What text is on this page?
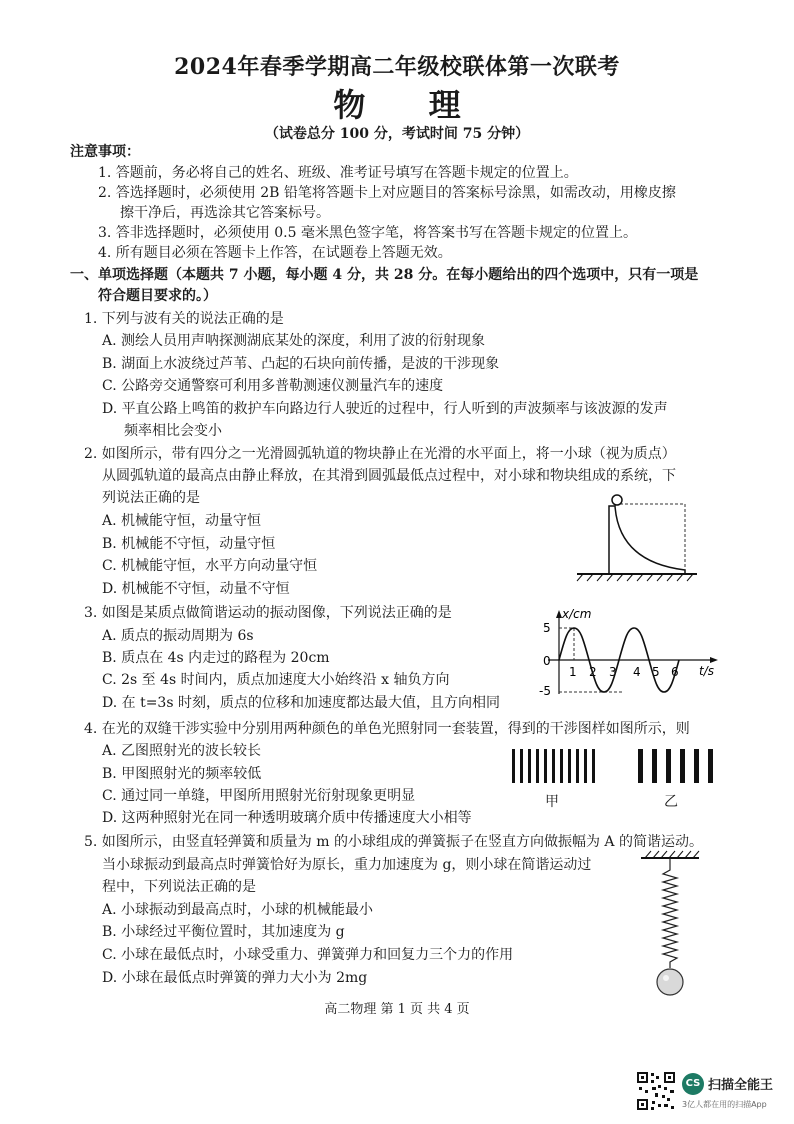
2024年春季学期高二年级校联体第一次联考
物 理
（试卷总分 100 分，考试时间 75 分钟）
注意事项：
1. 答题前，务必将自己的姓名、班级、准考证号填写在答题卡规定的位置上。
2. 答选择题时，必须使用 2B 铅笔将答题卡上对应题目的答案标号涂黑，如需改动，用橡皮擦
擦干净后，再选涂其它答案标号。
3. 答非选择题时，必须使用 0.5 毫米黑色签字笔，将答案书写在答题卡规定的位置上。
4. 所有题目必须在答题卡上作答，在试题卷上答题无效。
一、单项选择题（本题共 7 小题，每小题 4 分，共 28 分。在每小题给出的四个选项中，只有一项是
符合题目要求的。）
1. 下列与波有关的说法正确的是
A. 测绘人员用声呐探测湖底某处的深度，利用了波的衍射现象
B. 湖面上水波绕过芦苇、凸起的石块向前传播，是波的干涉现象
C. 公路旁交通警察可利用多普勒测速仪测量汽车的速度
D. 平直公路上鸣笛的救护车向路边行人驶近的过程中，行人听到的声波频率与该波源的发声
频率相比会变小
2. 如图所示，带有四分之一光滑圆弧轨道的物块静止在光滑的水平面上，将一小球（视为质点）
从圆弧轨道的最高点由静止释放，在其滑到圆弧最低点过程中，对小球和物块组成的系统，下
列说法正确的是
A. 机械能守恒，动量守恒
B. 机械能不守恒，动量守恒
C. 机械能守恒，水平方向动量守恒
D. 机械能不守恒，动量不守恒
3. 如图是某质点做简谐运动的振动图像，下列说法正确的是
A. 质点的振动周期为 6s
B. 质点在 4s 内走过的路程为 20cm
C. 2s 至 4s 时间内，质点加速度大小始终沿 x 轴负方向
D. 在 t=3s 时刻，质点的位移和加速度都达最大值，且方向相同
x/cm
t/s
5
0
-5
1 2 3 4 5 6
4. 在光的双缝干涉实验中分别用两种颜色的单色光照射同一套装置，得到的干涉图样如图所示，则
A. 乙图照射光的波长较长
B. 甲图照射光的频率较低
C. 通过同一单缝，甲图所用照射光衍射现象更明显
D. 这两种照射光在同一种透明玻璃介质中传播速度大小相等
甲	乙
5. 如图所示，由竖直轻弹簧和质量为 m 的小球组成的弹簧振子在竖直方向做振幅为 A 的简谐运动。
当小球振动到最高点时弹簧恰好为原长，重力加速度为 g，则小球在简谐运动过
程中，下列说法正确的是
A. 小球振动到最高点时，小球的机械能最小
B. 小球经过平衡位置时，其加速度为 g
C. 小球在最低点时，小球受重力、弹簧弹力和回复力三个力的作用
D. 小球在最低点时弹簧的弹力大小为 2mg
高二物理 第 1 页 共 4 页
CS 扫描全能王
3亿人都在用的扫描App
